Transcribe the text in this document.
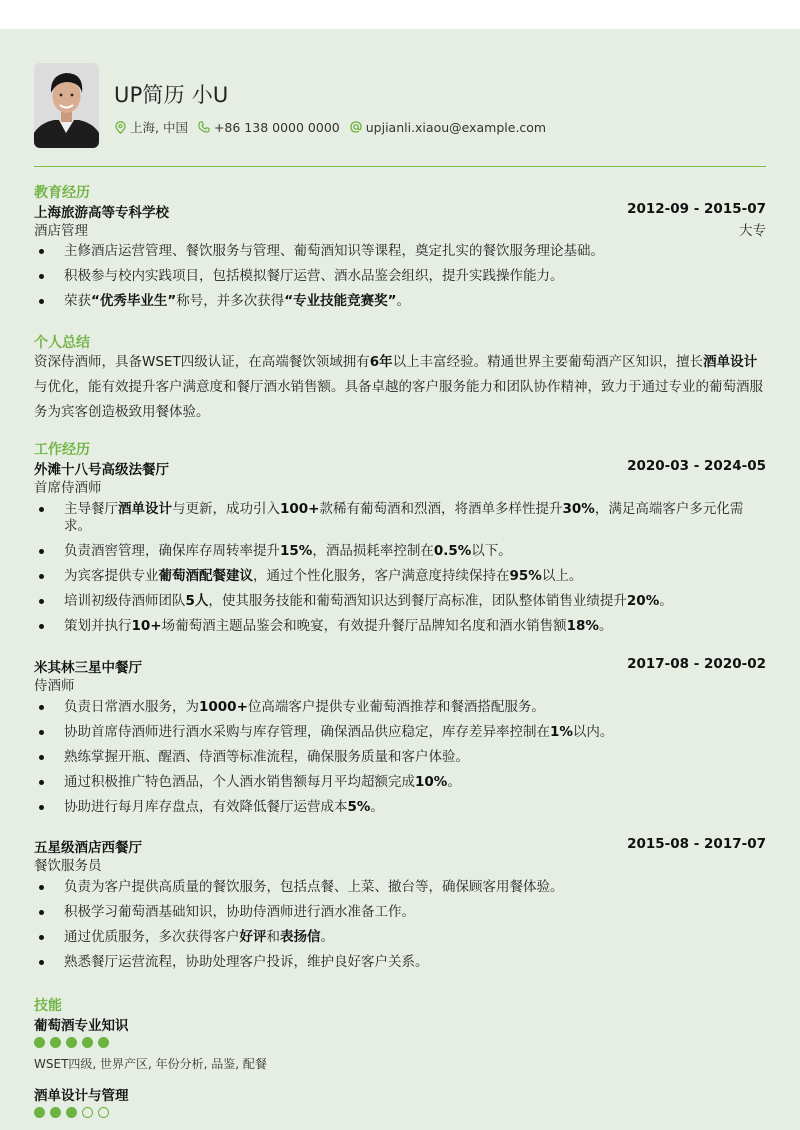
UP简历 小U
上海, 中国 +86 138 0000 0000 upjianli.xiaou@example.com
教育经历
上海旅游高等专科学校	2012-09 - 2015-07
酒店管理	大专
主修酒店运营管理、餐饮服务与管理、葡萄酒知识等课程，奠定扎实的餐饮服务理论基础。
积极参与校内实践项目，包括模拟餐厅运营、酒水品鉴会组织，提升实践操作能力。
荣获“优秀毕业生”称号，并多次获得“专业技能竞赛奖”。
个人总结
资深侍酒师，具备WSET四级认证，在高端餐饮领域拥有6年以上丰富经验。精通世界主要葡萄酒产区知识，擅长酒单设计与优化，能有效提升客户满意度和餐厅酒水销售额。具备卓越的客户服务能力和团队协作精神，致力于通过专业的葡萄酒服务为宾客创造极致用餐体验。
工作经历
外滩十八号高级法餐厅	2020-03 - 2024-05
首席侍酒师
主导餐厅酒单设计与更新，成功引入100+款稀有葡萄酒和烈酒，将酒单多样性提升30%，满足高端客户多元化需求。
负责酒窖管理，确保库存周转率提升15%，酒品损耗率控制在0.5%以下。
为宾客提供专业葡萄酒配餐建议，通过个性化服务，客户满意度持续保持在95%以上。
培训初级侍酒师团队5人，使其服务技能和葡萄酒知识达到餐厅高标准，团队整体销售业绩提升20%。
策划并执行10+场葡萄酒主题品鉴会和晚宴，有效提升餐厅品牌知名度和酒水销售额18%。
米其林三星中餐厅	2017-08 - 2020-02
侍酒师
负责日常酒水服务，为1000+位高端客户提供专业葡萄酒推荐和餐酒搭配服务。
协助首席侍酒师进行酒水采购与库存管理，确保酒品供应稳定，库存差异率控制在1%以内。
熟练掌握开瓶、醒酒、侍酒等标准流程，确保服务质量和客户体验。
通过积极推广特色酒品，个人酒水销售额每月平均超额完成10%。
协助进行每月库存盘点，有效降低餐厅运营成本5%。
五星级酒店西餐厅	2015-08 - 2017-07
餐饮服务员
负责为客户提供高质量的餐饮服务，包括点餐、上菜、撤台等，确保顾客用餐体验。
积极学习葡萄酒基础知识，协助侍酒师进行酒水准备工作。
通过优质服务，多次获得客户好评和表扬信。
熟悉餐厅运营流程，协助处理客户投诉，维护良好客户关系。
技能
葡萄酒专业知识
WSET四级, 世界产区, 年份分析, 品鉴, 配餐
酒单设计与管理
